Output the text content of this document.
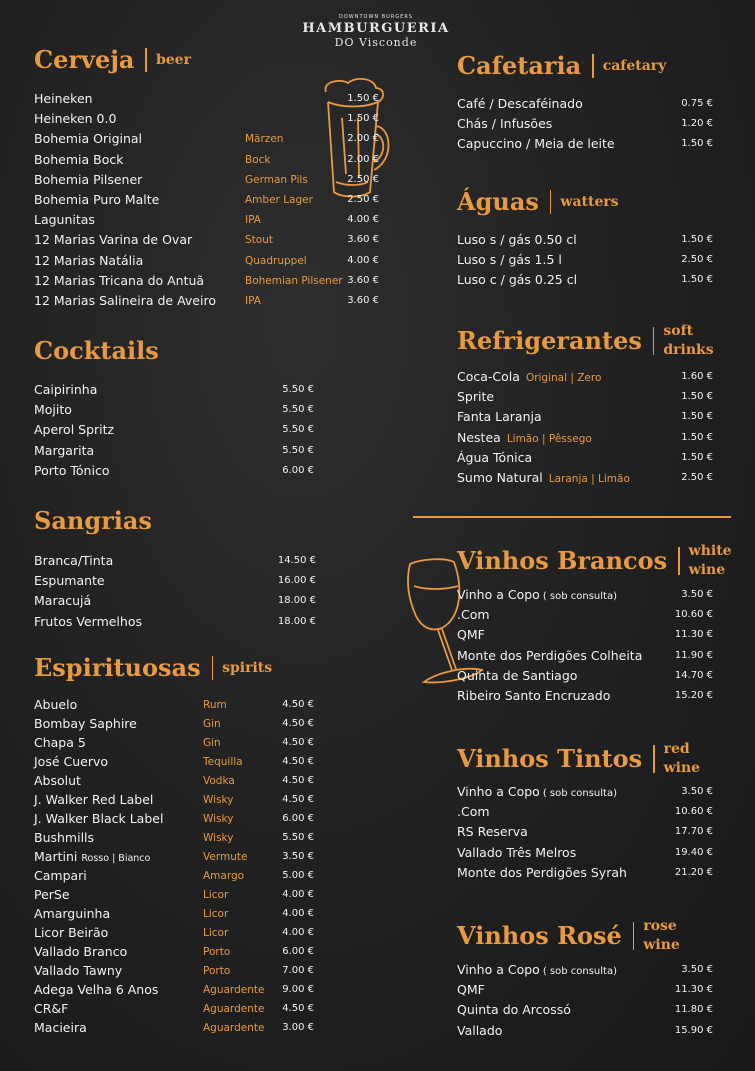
DOWNTOWN BURGERS
HAMBURGUERIA
DO Visconde
Cerveja beer
Heineken	1.50 €
Heineken 0.0	1.50 €
Bohemia Original	Märzen	2.00 €
Bohemia Bock	Bock	2.00 €
Bohemia Pilsener	German Pils	2.50 €
Bohemia Puro Malte	Amber Lager	2.50 €
Lagunitas	IPA	4.00 €
12 Marias Varina de Ovar	Stout	3.60 €
12 Marias Natália	Quadruppel	4.00 €
12 Marias Tricana do Antuã	Bohemian Pilsener 3.60 €
12 Marias Salineira de Aveiro	IPA	3.60 €
Cocktails
Caipirinha	5.50 €
Mojito	5.50 €
Aperol Spritz	5.50 €
Margarita	5.50 €
Porto Tónico	6.00 €
Sangrias
Branca/Tinta	14.50 €
Espumante	16.00 €
Maracujá	18.00 €
Frutos Vermelhos	18.00 €
Espirituosas spirits
Abuelo	Rum	4.50 €
Bombay Saphire	Gin	4.50 €
Chapa 5	Gin	4.50 €
José Cuervo	Tequilla	4.50 €
Absolut	Vodka	4.50 €
J. Walker Red Label	Wisky	4.50 €
J. Walker Black Label	Wisky	6.00 €
Bushmills	Wisky	5.50 €
Martini Rosso | Bianco	Vermute	3.50 €
Campari	Amargo	5.00 €
PerSe	Licor	4.00 €
Amarguinha	Licor	4.00 €
Licor Beirão	Licor	4.00 €
Vallado Branco	Porto	6.00 €
Vallado Tawny	Porto	7.00 €
Adega Velha 6 Anos	Aguardente 9.00 €
CR&F	Aguardente 4.50 €
Macieira	Aguardente 3.00 €
Cafetaria cafetary
Café / Descaféinado	0.75 €
Chás / Infusões	1.20 €
Capuccino / Meia de leite	1.50 €
Águas watters
Luso s / gás 0.50 cl	1.50 €
Luso s / gás 1.5 l	2.50 €
Luso c / gás 0.25 cl	1.50 €
Refrigerantes soft
drinks
Coca-Cola Original | Zero	1.60 €
Sprite	1.50 €
Fanta Laranja	1.50 €
Nestea Limão | Pêssego	1.50 €
Água Tónica	1.50 €
Sumo Natural Laranja | Limão	2.50 €
Vinhos Brancos white
wine
Vinho a Copo ( sob consulta)	3.50 €
.Com	10.60 €
QMF	11.30 €
Monte dos Perdigões Colheita	11.90 €
Quinta de Santiago	14.70 €
Ribeiro Santo Encruzado	15.20 €
Vinhos Tintos red
wine
Vinho a Copo ( sob consulta)	3.50 €
.Com	10.60 €
RS Reserva	17.70 €
Vallado Três Melros	19.40 €
Monte dos Perdigões Syrah	21.20 €
Vinhos Rosé rose
wine
Vinho a Copo ( sob consulta)	3.50 €
QMF	11.30 €
Quinta do Arcossó	11.80 €
Vallado	15.90 €
